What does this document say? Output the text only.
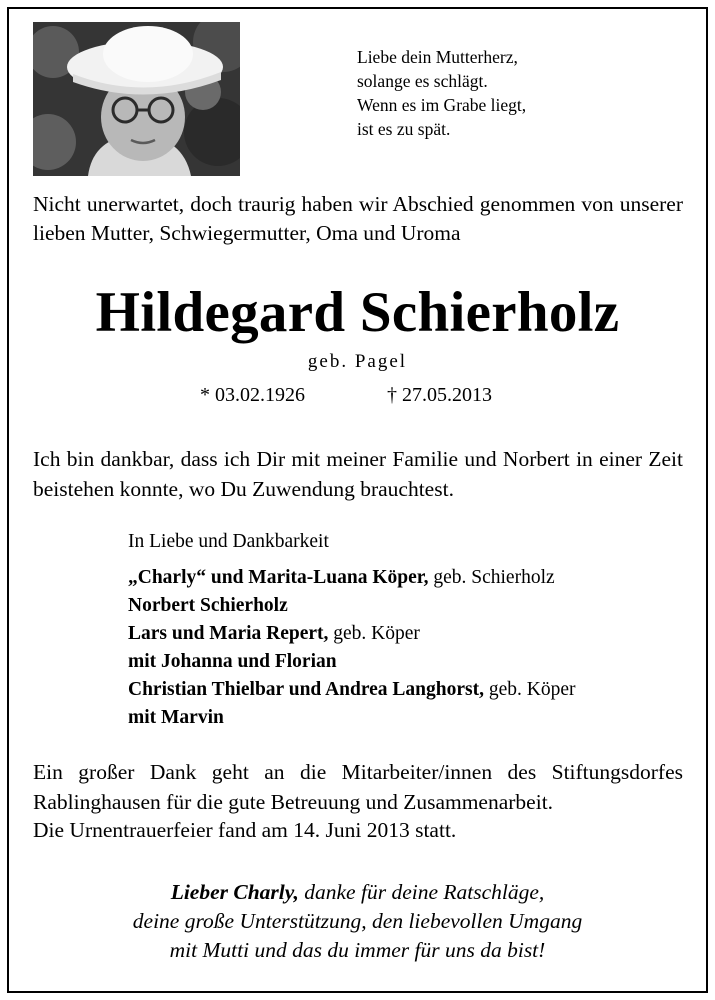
Liebe dein Mutterherz,
solange es schlägt.
Wenn es im Grabe liegt,
ist es zu spät.
Nicht unerwartet, doch traurig haben wir Abschied genommen von unserer lieben Mutter, Schwiegermutter, Oma und Uroma
Hildegard Schierholz
geb. Pagel
* 03.02.1926	† 27.05.2013
Ich bin dankbar, dass ich Dir mit meiner Familie und Norbert in einer Zeit beistehen konnte, wo Du Zuwendung brauchtest.
In Liebe und Dankbarkeit
„Charly“ und Marita-Luana Köper, geb. Schierholz
Norbert Schierholz
Lars und Maria Repert, geb. Köper
mit Johanna und Florian
Christian Thielbar und Andrea Langhorst, geb. Köper
mit Marvin
Ein großer Dank geht an die Mitarbeiter/innen des Stiftungsdorfes Rablinghausen für die gute Betreuung und Zusammenarbeit.
Die Urnentrauerfeier fand am 14. Juni 2013 statt.
Lieber Charly, danke für deine Ratschläge,
deine große Unterstützung, den liebevollen Umgang
mit Mutti und das du immer für uns da bist!
